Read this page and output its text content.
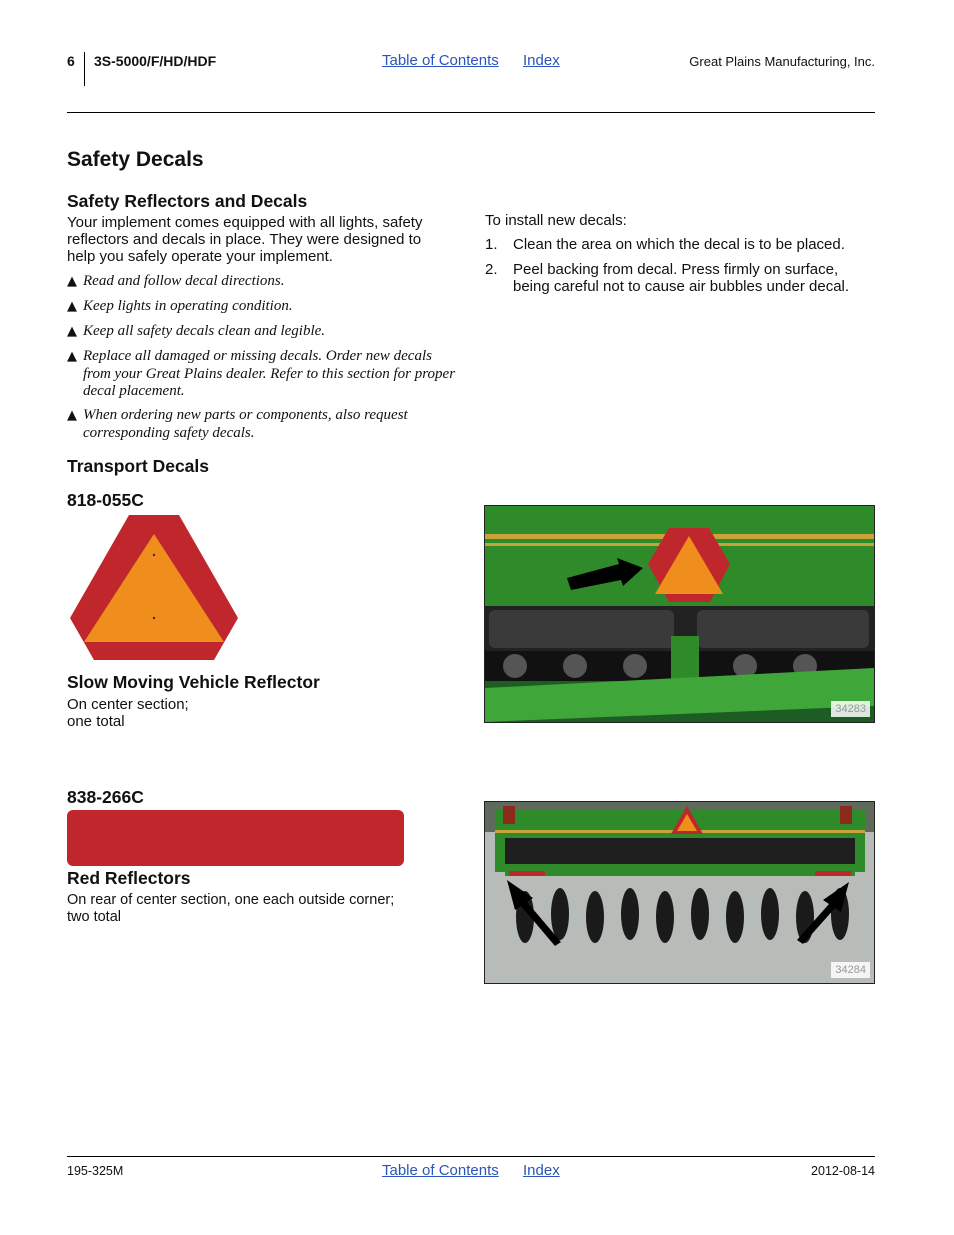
6 3S-5000/F/HD/HDF	Table of Contents Index	Great Plains Manufacturing, Inc.
Safety Decals
Safety Reflectors and Decals
Your implement comes equipped with all lights, safety reflectors and decals in place. They were designed to help you safely operate your implement.
▲ Read and follow decal directions.
▲ Keep lights in operating condition.
▲ Keep all safety decals clean and legible.
▲ Replace all damaged or missing decals. Order new decals from your Great Plains dealer. Refer to this section for proper decal placement.
▲ When ordering new parts or components, also request corresponding safety decals.
To install new decals:
1.	Clean the area on which the decal is to be placed.
2.	Peel backing from decal. Press firmly on surface, being careful not to cause air bubbles under decal.
Transport Decals
818-055C
Slow Moving Vehicle Reflector
On center section;
one total
34283
838-266C
Red Reflectors
On rear of center section, one each outside corner;
two total
34284
195-325M	Table of Contents Index	2012-08-14
